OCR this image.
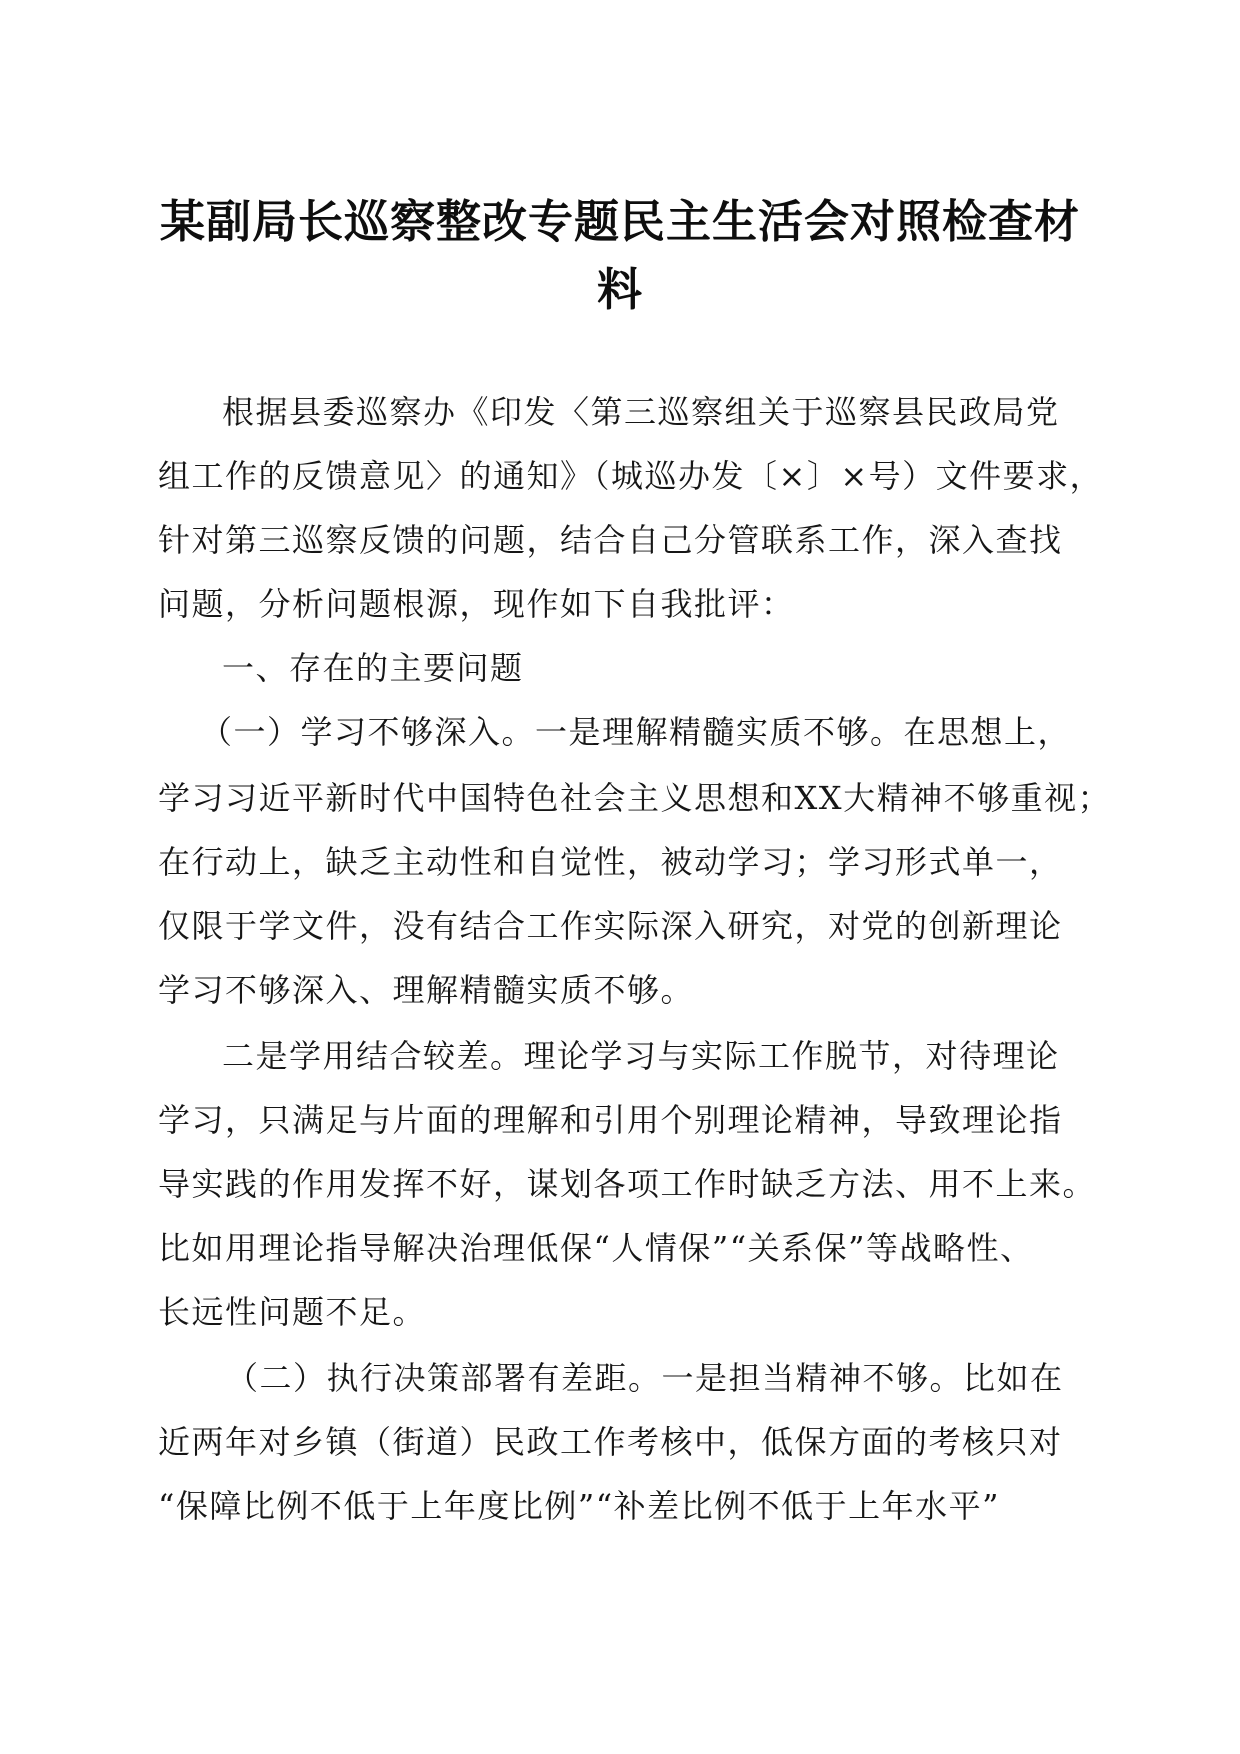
某副局长巡察整改专题民主生活会对照检查材
料

根据县委巡察办《印发〈第三巡察组关于巡察县民政局党

组工作的反馈意见〉的通知》（城巡办发〔×〕×号）文件要求，

针对第三巡察反馈的问题，结合自己分管联系工作，深入查找

问题，分析问题根源，现作如下自我批评：

一、存在的主要问题

（一）学习不够深入。一是理解精髓实质不够。在思想上，

学习习近平新时代中国特色社会主义思想和XX大精神不够重视；

在行动上，缺乏主动性和自觉性，被动学习；学习形式单一，

仅限于学文件，没有结合工作实际深入研究，对党的创新理论

学习不够深入、理解精髓实质不够。

二是学用结合较差。理论学习与实际工作脱节，对待理论

学习，只满足与片面的理解和引用个别理论精神，导致理论指

导实践的作用发挥不好，谋划各项工作时缺乏方法、用不上来。

比如用理论指导解决治理低保“人情保”“关系保”等战略性、

长远性问题不足。

（二）执行决策部署有差距。一是担当精神不够。比如在

近两年对乡镇（街道）民政工作考核中，低保方面的考核只对

“保障比例不低于上年度比例”“补差比例不低于上年水平”
